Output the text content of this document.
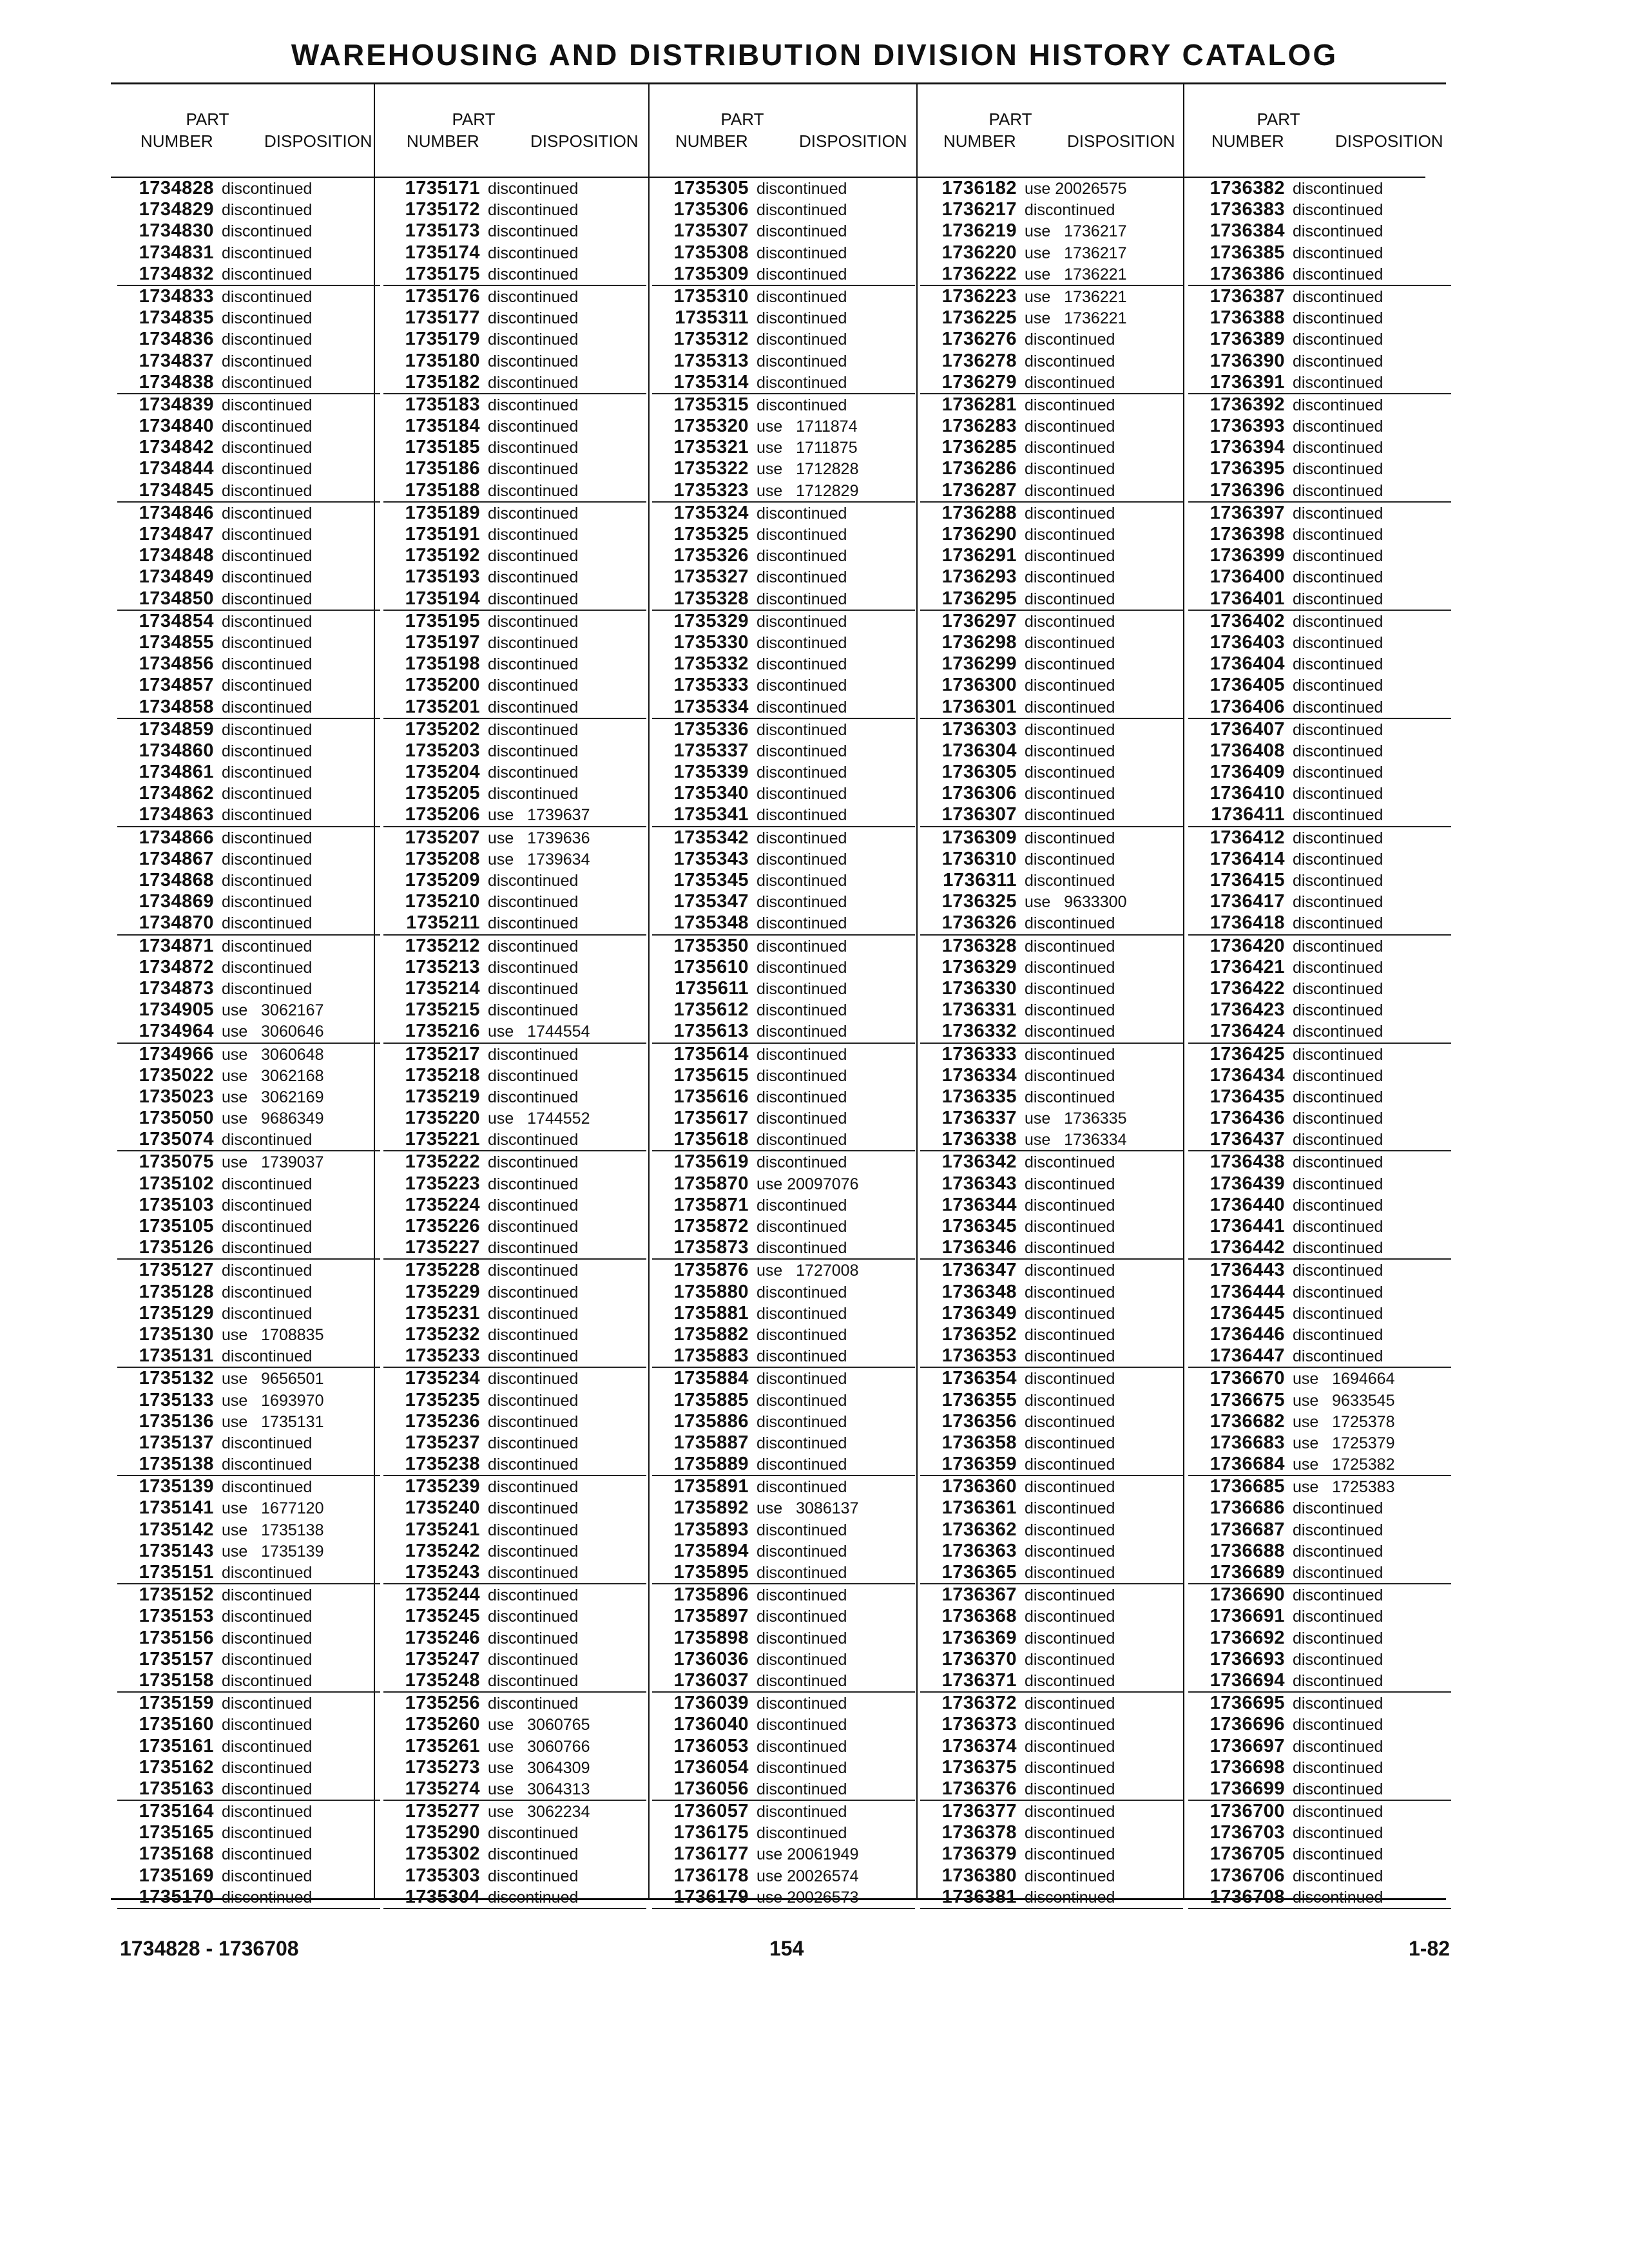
WAREHOUSING AND DISTRIBUTION DIVISION HISTORY CATALOG
PART
NUMBER	DISPOSITION
1734828 discontinued
1734829 discontinued
1734830 discontinued
1734831 discontinued
1734832 discontinued
1734833 discontinued
1734835 discontinued
1734836 discontinued
1734837 discontinued
1734838 discontinued
1734839 discontinued
1734840 discontinued
1734842 discontinued
1734844 discontinued
1734845 discontinued
1734846 discontinued
1734847 discontinued
1734848 discontinued
1734849 discontinued
1734850 discontinued
1734854 discontinued
1734855 discontinued
1734856 discontinued
1734857 discontinued
1734858 discontinued
1734859 discontinued
1734860 discontinued
1734861 discontinued
1734862 discontinued
1734863 discontinued
1734866 discontinued
1734867 discontinued
1734868 discontinued
1734869 discontinued
1734870 discontinued
1734871 discontinued
1734872 discontinued
1734873 discontinued
1734905 use   3062167
1734964 use   3060646
1734966 use   3060648
1735022 use   3062168
1735023 use   3062169
1735050 use   9686349
1735074 discontinued
1735075 use   1739037
1735102 discontinued
1735103 discontinued
1735105 discontinued
1735126 discontinued
1735127 discontinued
1735128 discontinued
1735129 discontinued
1735130 use   1708835
1735131 discontinued
1735132 use   9656501
1735133 use   1693970
1735136 use   1735131
1735137 discontinued
1735138 discontinued
1735139 discontinued
1735141 use   1677120
1735142 use   1735138
1735143 use   1735139
1735151 discontinued
1735152 discontinued
1735153 discontinued
1735156 discontinued
1735157 discontinued
1735158 discontinued
1735159 discontinued
1735160 discontinued
1735161 discontinued
1735162 discontinued
1735163 discontinued
1735164 discontinued
1735165 discontinued
1735168 discontinued
1735169 discontinued
1735170 discontinued
PART
NUMBER	DISPOSITION
1735171 discontinued
1735172 discontinued
1735173 discontinued
1735174 discontinued
1735175 discontinued
1735176 discontinued
1735177 discontinued
1735179 discontinued
1735180 discontinued
1735182 discontinued
1735183 discontinued
1735184 discontinued
1735185 discontinued
1735186 discontinued
1735188 discontinued
1735189 discontinued
1735191 discontinued
1735192 discontinued
1735193 discontinued
1735194 discontinued
1735195 discontinued
1735197 discontinued
1735198 discontinued
1735200 discontinued
1735201 discontinued
1735202 discontinued
1735203 discontinued
1735204 discontinued
1735205 discontinued
1735206 use   1739637
1735207 use   1739636
1735208 use   1739634
1735209 discontinued
1735210 discontinued
1735211 discontinued
1735212 discontinued
1735213 discontinued
1735214 discontinued
1735215 discontinued
1735216 use   1744554
1735217 discontinued
1735218 discontinued
1735219 discontinued
1735220 use   1744552
1735221 discontinued
1735222 discontinued
1735223 discontinued
1735224 discontinued
1735226 discontinued
1735227 discontinued
1735228 discontinued
1735229 discontinued
1735231 discontinued
1735232 discontinued
1735233 discontinued
1735234 discontinued
1735235 discontinued
1735236 discontinued
1735237 discontinued
1735238 discontinued
1735239 discontinued
1735240 discontinued
1735241 discontinued
1735242 discontinued
1735243 discontinued
1735244 discontinued
1735245 discontinued
1735246 discontinued
1735247 discontinued
1735248 discontinued
1735256 discontinued
1735260 use   3060765
1735261 use   3060766
1735273 use   3064309
1735274 use   3064313
1735277 use   3062234
1735290 discontinued
1735302 discontinued
1735303 discontinued
1735304 discontinued
PART
NUMBER	DISPOSITION
1735305 discontinued
1735306 discontinued
1735307 discontinued
1735308 discontinued
1735309 discontinued
1735310 discontinued
1735311 discontinued
1735312 discontinued
1735313 discontinued
1735314 discontinued
1735315 discontinued
1735320 use   1711874
1735321 use   1711875
1735322 use   1712828
1735323 use   1712829
1735324 discontinued
1735325 discontinued
1735326 discontinued
1735327 discontinued
1735328 discontinued
1735329 discontinued
1735330 discontinued
1735332 discontinued
1735333 discontinued
1735334 discontinued
1735336 discontinued
1735337 discontinued
1735339 discontinued
1735340 discontinued
1735341 discontinued
1735342 discontinued
1735343 discontinued
1735345 discontinued
1735347 discontinued
1735348 discontinued
1735350 discontinued
1735610 discontinued
1735611 discontinued
1735612 discontinued
1735613 discontinued
1735614 discontinued
1735615 discontinued
1735616 discontinued
1735617 discontinued
1735618 discontinued
1735619 discontinued
1735870 use 20097076
1735871 discontinued
1735872 discontinued
1735873 discontinued
1735876 use   1727008
1735880 discontinued
1735881 discontinued
1735882 discontinued
1735883 discontinued
1735884 discontinued
1735885 discontinued
1735886 discontinued
1735887 discontinued
1735889 discontinued
1735891 discontinued
1735892 use   3086137
1735893 discontinued
1735894 discontinued
1735895 discontinued
1735896 discontinued
1735897 discontinued
1735898 discontinued
1736036 discontinued
1736037 discontinued
1736039 discontinued
1736040 discontinued
1736053 discontinued
1736054 discontinued
1736056 discontinued
1736057 discontinued
1736175 discontinued
1736177 use 20061949
1736178 use 20026574
1736179 use 20026573
PART
NUMBER	DISPOSITION
1736182 use 20026575
1736217 discontinued
1736219 use   1736217
1736220 use   1736217
1736222 use   1736221
1736223 use   1736221
1736225 use   1736221
1736276 discontinued
1736278 discontinued
1736279 discontinued
1736281 discontinued
1736283 discontinued
1736285 discontinued
1736286 discontinued
1736287 discontinued
1736288 discontinued
1736290 discontinued
1736291 discontinued
1736293 discontinued
1736295 discontinued
1736297 discontinued
1736298 discontinued
1736299 discontinued
1736300 discontinued
1736301 discontinued
1736303 discontinued
1736304 discontinued
1736305 discontinued
1736306 discontinued
1736307 discontinued
1736309 discontinued
1736310 discontinued
1736311 discontinued
1736325 use   9633300
1736326 discontinued
1736328 discontinued
1736329 discontinued
1736330 discontinued
1736331 discontinued
1736332 discontinued
1736333 discontinued
1736334 discontinued
1736335 discontinued
1736337 use   1736335
1736338 use   1736334
1736342 discontinued
1736343 discontinued
1736344 discontinued
1736345 discontinued
1736346 discontinued
1736347 discontinued
1736348 discontinued
1736349 discontinued
1736352 discontinued
1736353 discontinued
1736354 discontinued
1736355 discontinued
1736356 discontinued
1736358 discontinued
1736359 discontinued
1736360 discontinued
1736361 discontinued
1736362 discontinued
1736363 discontinued
1736365 discontinued
1736367 discontinued
1736368 discontinued
1736369 discontinued
1736370 discontinued
1736371 discontinued
1736372 discontinued
1736373 discontinued
1736374 discontinued
1736375 discontinued
1736376 discontinued
1736377 discontinued
1736378 discontinued
1736379 discontinued
1736380 discontinued
1736381 discontinued
PART
NUMBER	DISPOSITION
1736382 discontinued
1736383 discontinued
1736384 discontinued
1736385 discontinued
1736386 discontinued
1736387 discontinued
1736388 discontinued
1736389 discontinued
1736390 discontinued
1736391 discontinued
1736392 discontinued
1736393 discontinued
1736394 discontinued
1736395 discontinued
1736396 discontinued
1736397 discontinued
1736398 discontinued
1736399 discontinued
1736400 discontinued
1736401 discontinued
1736402 discontinued
1736403 discontinued
1736404 discontinued
1736405 discontinued
1736406 discontinued
1736407 discontinued
1736408 discontinued
1736409 discontinued
1736410 discontinued
1736411 discontinued
1736412 discontinued
1736414 discontinued
1736415 discontinued
1736417 discontinued
1736418 discontinued
1736420 discontinued
1736421 discontinued
1736422 discontinued
1736423 discontinued
1736424 discontinued
1736425 discontinued
1736434 discontinued
1736435 discontinued
1736436 discontinued
1736437 discontinued
1736438 discontinued
1736439 discontinued
1736440 discontinued
1736441 discontinued
1736442 discontinued
1736443 discontinued
1736444 discontinued
1736445 discontinued
1736446 discontinued
1736447 discontinued
1736670 use   1694664
1736675 use   9633545
1736682 use   1725378
1736683 use   1725379
1736684 use   1725382
1736685 use   1725383
1736686 discontinued
1736687 discontinued
1736688 discontinued
1736689 discontinued
1736690 discontinued
1736691 discontinued
1736692 discontinued
1736693 discontinued
1736694 discontinued
1736695 discontinued
1736696 discontinued
1736697 discontinued
1736698 discontinued
1736699 discontinued
1736700 discontinued
1736703 discontinued
1736705 discontinued
1736706 discontinued
1736708 discontinued
1734828 - 1736708	154	1-82
